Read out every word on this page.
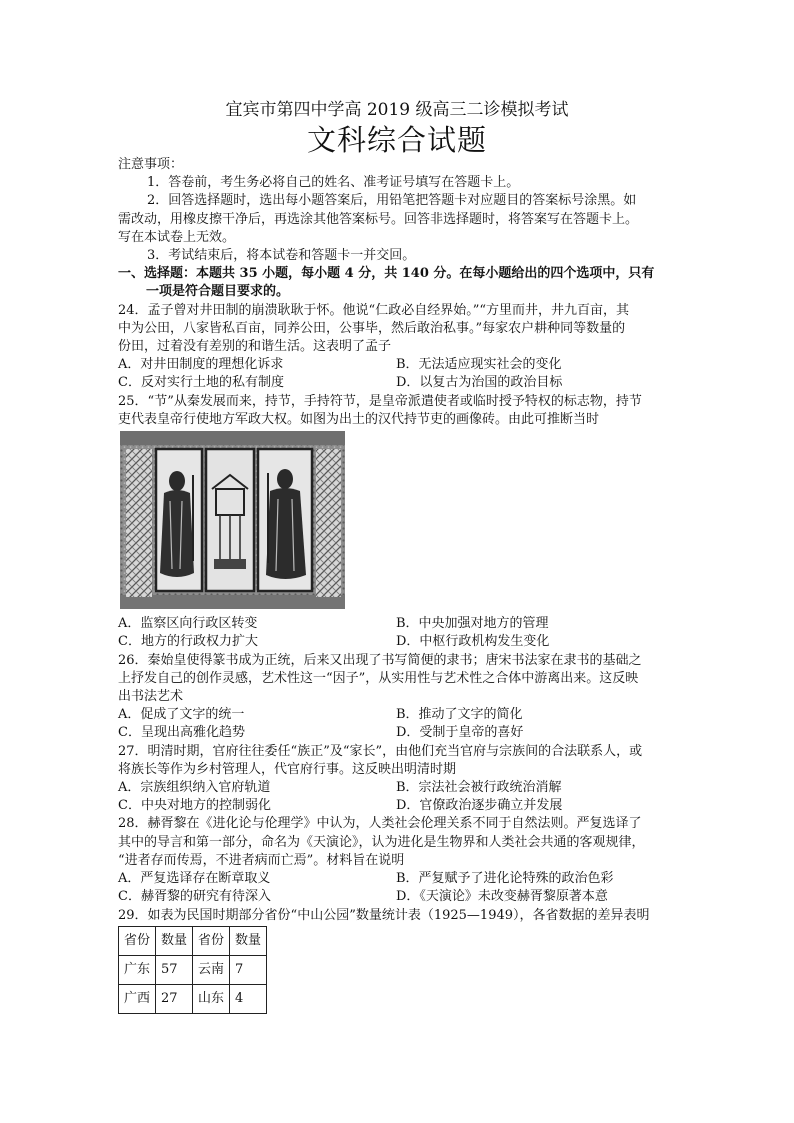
宜宾市第四中学高 2019 级高三二诊模拟考试
文科综合试题

注意事项：

1．答卷前，考生务必将自己的姓名、准考证号填写在答题卡上。

2．回答选择题时，选出每小题答案后，用铅笔把答题卡对应题目的答案标号涂黑。如

需改动，用橡皮擦干净后，再选涂其他答案标号。回答非选择题时，将答案写在答题卡上。

写在本试卷上无效。

3．考试结束后，将本试卷和答题卡一并交回。

一、选择题：本题共 35 小题，每小题 4 分，共 140 分。在每小题给出的四个选项中，只有

一项是符合题目要求的。

24．孟子曾对井田制的崩溃耿耿于怀。他说“仁政必自经界始。”“方里而井，井九百亩，其

中为公田，八家皆私百亩，同养公田，公事毕，然后敢治私事。”每家农户耕种同等数量的

份田，过着没有差别的和谐生活。这表明了孟子

A．对井田制度的理想化诉求	B．无法适应现实社会的变化
C．反对实行土地的私有制度	D．以复古为治国的政治目标

25．“节”从秦发展而来，持节，手持符节，是皇帝派遣使者或临时授予特权的标志物，持节

吏代表皇帝行使地方军政大权。如图为出土的汉代持节吏的画像砖。由此可推断当时

A．监察区向行政区转变	B．中央加强对地方的管理
C．地方的行政权力扩大	D．中枢行政机构发生变化

26．秦始皇使得篆书成为正统，后来又出现了书写简便的隶书；唐宋书法家在隶书的基础之

上抒发自己的创作灵感，艺术性这一“因子”，从实用性与艺术性之合体中游离出来。这反映

出书法艺术

A．促成了文字的统一	B．推动了文字的简化
C．呈现出高雅化趋势	D．受制于皇帝的喜好

27．明清时期，官府往往委任“族正”及“家长”，由他们充当官府与宗族间的合法联系人，或

将族长等作为乡村管理人，代官府行事。这反映出明清时期

A．宗族组织纳入官府轨道	B．宗法社会被行政统治消解
C．中央对地方的控制弱化	D．官僚政治逐步确立并发展

28．赫胥黎在《进化论与伦理学》中认为，人类社会伦理关系不同于自然法则。严复选译了

其中的导言和第一部分，命名为《天演论》，认为进化是生物界和人类社会共通的客观规律，

“进者存而传焉，不进者病而亡焉”。材料旨在说明

A．严复选译存在断章取义	B．严复赋予了进化论特殊的政治色彩
C．赫胥黎的研究有待深入	D．《天演论》未改变赫胥黎原著本意

29．如表为民国时期部分省份“中山公园”数量统计表（1925—1949），各省数据的差异表明

省份	数量	省份	数量
广东	57	云南	7
广西	27	山东	4
